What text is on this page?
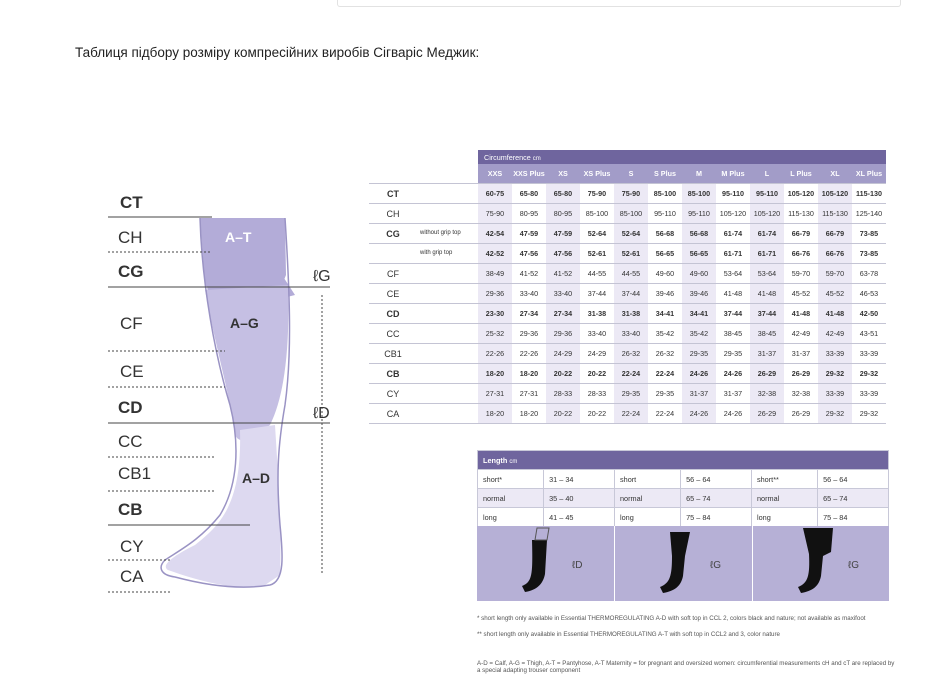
Таблиця підбору розміру компресійних виробів Сігваріс Меджик:
ℓG
ℓD
A–T
A–G
A–D
CT
CH
CG
CF
CE
CD
CC
CB1
CB
CY
CA
		Circumference cm											
		XXS	XXS Plus	XS	XS Plus	S	S Plus	M	M Plus	L	L Plus	XL	XL Plus
CT		60-75	65-80	65-80	75-90	75-90	85-100	85-100	95-110	95-110	105-120	105-120	115-130
CH		75-90	80-95	80-95	85-100	85-100	95-110	95-110	105-120	105-120	115-130	115-130	125-140
CG	without grip top	42-54	47-59	47-59	52-64	52-64	56-68	56-68	61-74	61-74	66-79	66-79	73-85
	with grip top	42-52	47-56	47-56	52-61	52-61	56-65	56-65	61-71	61-71	66-76	66-76	73-85
CF		38-49	41-52	41-52	44-55	44-55	49-60	49-60	53-64	53-64	59-70	59-70	63-78
CE		29-36	33-40	33-40	37-44	37-44	39-46	39-46	41-48	41-48	45-52	45-52	46-53
CD		23-30	27-34	27-34	31-38	31-38	34-41	34-41	37-44	37-44	41-48	41-48	42-50
CC		25-32	29-36	29-36	33-40	33-40	35-42	35-42	38-45	38-45	42-49	42-49	43-51
CB1		22-26	22-26	24-29	24-29	26-32	26-32	29-35	29-35	31-37	31-37	33-39	33-39
CB		18-20	18-20	20-22	20-22	22-24	22-24	24-26	24-26	26-29	26-29	29-32	29-32
CY		27-31	27-31	28-33	28-33	29-35	29-35	31-37	31-37	32-38	32-38	33-39	33-39
CA		18-20	18-20	20-22	20-22	22-24	22-24	24-26	24-26	26-29	26-29	29-32	29-32
Length cm					
short*	31 – 34	short	56 – 64	short**	56 – 64
normal	35 – 40	normal	65 – 74	normal	65 – 74
long	41 – 45	long	75 – 84	long	75 – 84
ℓD	ℓG	ℓG
* short length only available in Essential THERMOREGULATING A-D with soft top in CCL 2, colors black and nature; not available as maxifoot
** short length only available in Essential THERMOREGULATING A-T with soft top in CCL2 and 3, color nature
A-D = Calf, A-G = Thigh, A-T = Pantyhose, A-T Maternity = for pregnant and oversized women: circumferential measurements cH and cT are replaced by a special adapting trouser component
